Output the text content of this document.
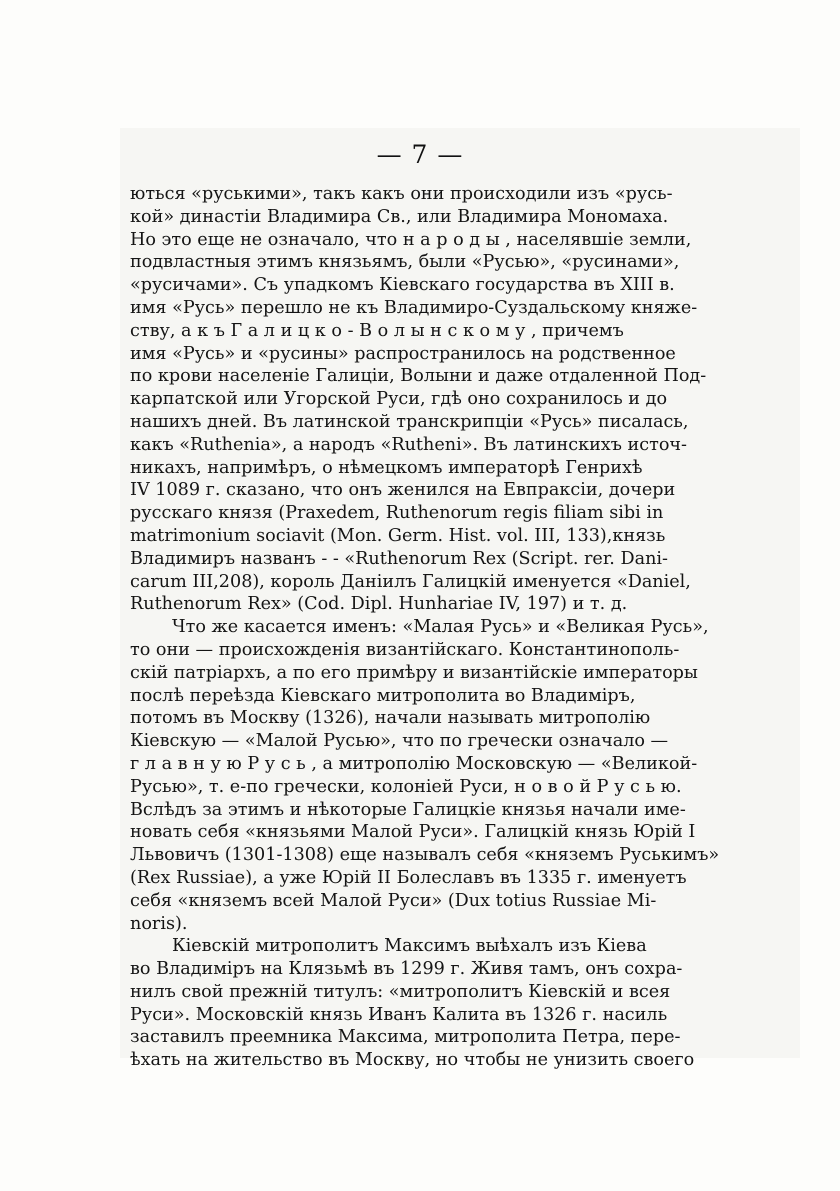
— 7 —
ються «руськими», такъ какъ они происходили изъ «русь-
кой» династіи Владимира Св., или Владимира Мономаха.
Но это еще не означало, что н а р о д ы , населявшіе земли,
подвластныя этимъ князьямъ, были «Русью», «русинами»,
«русичами». Съ упадкомъ Кіевскаго государства въ XIII в.
имя «Русь» перешло не къ Владимиро-Суздальскому княже-
ству, а к ъ Г а л и ц к о - В о л ы н с к о м у , причемъ
имя «Русь» и «русины» распространилось на родственное
по крови населеніе Галиціи, Волыни и даже отдаленной Под-
карпатской или Угорской Руси, гдѣ оно сохранилось и до
нашихъ дней. Въ латинской транскрипціи «Русь» писалась,
какъ «Ruthenia», а народъ «Rutheni». Въ латинскихъ источ-
никахъ, напримѣръ, о нѣмецкомъ императорѣ Генрихѣ
IV 1089 г. сказано, что онъ женился на Евпраксіи, дочери
русскаго князя (Praxedem, Ruthenorum regis filiam sibi in
matrimonium sociavit (Mon. Germ. Hist. vol. III, 133),князь
Владимиръ названъ - - «Ruthenorum Rex (Script. rer. Dani-
carum III,208), король Даніилъ Галицкій именуется «Daniel,
Ruthenorum Rex» (Cod. Dipl. Hunhariae IV, 197) и т. д.
Что же касается именъ: «Малая Русь» и «Великая Русь»,
то они — происхожденія византійскаго. Константинополь-
скій патріархъ, а по его примѣру и византійскіе императоры
послѣ переѣзда Кіевскаго митрополита во Владиміръ,
потомъ въ Москву (1326), начали называть митрополію
Кіевскую — «Малой Русью», что по гречески означало —
г л а в н у ю Р у с ь , а митрополію Московскую — «Великой-
Русью», т. е-по гречески, колоніей Руси, н о в о й Р у с ь ю.
Вслѣдъ за этимъ и нѣкоторые Галицкіе князья начали име-
новать себя «князьями Малой Руси». Галицкій князь Юрій I
Львовичъ (1301-1308) еще называлъ себя «княземъ Руськимъ»
(Rex Russiae), а уже Юрій II Болеславъ въ 1335 г. именуетъ
себя «княземъ всей Малой Руси» (Dux totius Russiae Mi-
noris).
Кіевскій митрополитъ Максимъ выѣхалъ изъ Кіева
во Владиміръ на Клязьмѣ въ 1299 г. Живя тамъ, онъ сохра-
нилъ свой прежній титулъ: «митрополитъ Кіевскій и всея
Руси». Московскій князь Иванъ Калита въ 1326 г. насиль
заставилъ преемника Максима, митрополита Петра, пере-
ѣхать на жительство въ Москву, но чтобы не унизить своего
